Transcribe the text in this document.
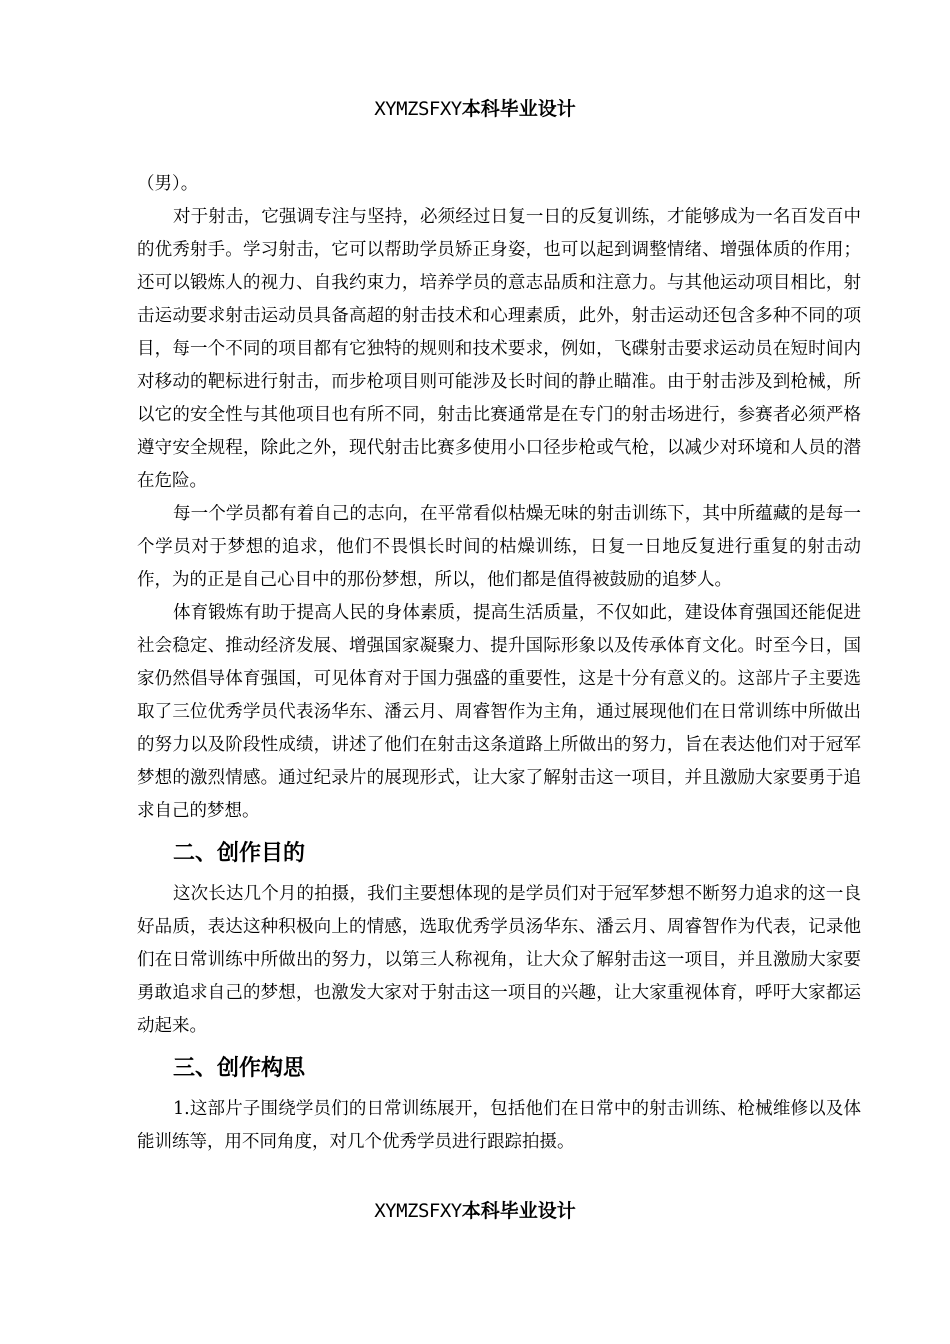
XYMZSFXY本科毕业设计

（男）。

对于射击，它强调专注与坚持，必须经过日复一日的反复训练，才能够成为一名百发百中的优秀射手。学习射击，它可以帮助学员矫正身姿，也可以起到调整情绪、增强体质的作用；还可以锻炼人的视力、自我约束力，培养学员的意志品质和注意力。与其他运动项目相比，射击运动要求射击运动员具备高超的射击技术和心理素质，此外，射击运动还包含多种不同的项目，每一个不同的项目都有它独特的规则和技术要求，例如，飞碟射击要求运动员在短时间内对移动的靶标进行射击，而步枪项目则可能涉及长时间的静止瞄准。由于射击涉及到枪械，所以它的安全性与其他项目也有所不同，射击比赛通常是在专门的射击场进行，参赛者必须严格遵守安全规程，除此之外，现代射击比赛多使用小口径步枪或气枪，以减少对环境和人员的潜在危险。

每一个学员都有着自己的志向，在平常看似枯燥无味的射击训练下，其中所蕴藏的是每一个学员对于梦想的追求，他们不畏惧长时间的枯燥训练，日复一日地反复进行重复的射击动作，为的正是自己心目中的那份梦想，所以，他们都是值得被鼓励的追梦人。

体育锻炼有助于提高人民的身体素质，提高生活质量，不仅如此，建设体育强国还能促进社会稳定、推动经济发展、增强国家凝聚力、提升国际形象以及传承体育文化。时至今日，国家仍然倡导体育强国，可见体育对于国力强盛的重要性，这是十分有意义的。这部片子主要选取了三位优秀学员代表汤华东、潘云月、周睿智作为主角，通过展现他们在日常训练中所做出的努力以及阶段性成绩，讲述了他们在射击这条道路上所做出的努力，旨在表达他们对于冠军梦想的激烈情感。通过纪录片的展现形式，让大家了解射击这一项目，并且激励大家要勇于追求自己的梦想。

二、创作目的

这次长达几个月的拍摄，我们主要想体现的是学员们对于冠军梦想不断努力追求的这一良好品质，表达这种积极向上的情感，选取优秀学员汤华东、潘云月、周睿智作为代表，记录他们在日常训练中所做出的努力，以第三人称视角，让大众了解射击这一项目，并且激励大家要勇敢追求自己的梦想，也激发大家对于射击这一项目的兴趣，让大家重视体育，呼吁大家都运动起来。

三、创作构思

1.这部片子围绕学员们的日常训练展开，包括他们在日常中的射击训练、枪械维修以及体能训练等，用不同角度，对几个优秀学员进行跟踪拍摄。

XYMZSFXY本科毕业设计
